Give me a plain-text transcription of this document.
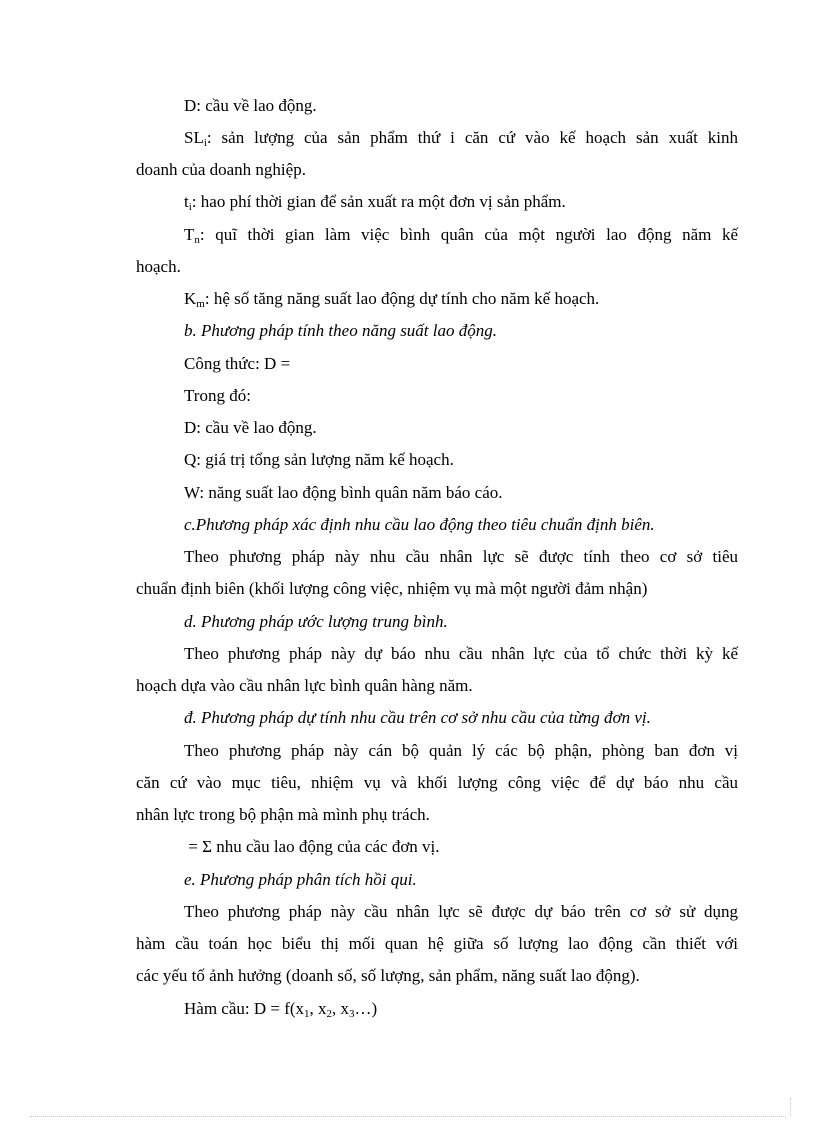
D: cầu về lao động.
$SL_i$: sản lượng của sản phẩm thứ i căn cứ vào kế hoạch sản xuất kinh
doanh của doanh nghiệp.
$t_i$: hao phí thời gian để sản xuất ra một đơn vị sản phẩm.
$T_n$: quĩ thời gian làm việc bình quân của một người lao động năm kế
hoạch.
$K_m$: hệ số tăng năng suất lao động dự tính cho năm kế hoạch.
b. Phương pháp tính theo năng suất lao động.
Công thức: D =
Trong đó:
D: cầu về lao động.
Q: giá trị tổng sản lượng năm kế hoạch.
W: năng suất lao động bình quân năm báo cáo.
c.Phương pháp xác định nhu cầu lao động theo tiêu chuẩn định biên.
Theo phương pháp này nhu cầu nhân lực sẽ được tính theo cơ sở tiêu
chuẩn định biên (khối lượng công việc, nhiệm vụ mà một người đảm nhận)
d. Phương pháp ước lượng trung bình.
Theo phương pháp này dự báo nhu cầu nhân lực của tổ chức thời kỳ kế
hoạch dựa vào cầu nhân lực bình quân hàng năm.
đ. Phương pháp dự tính nhu cầu trên cơ sở nhu cầu của từng đơn vị.
Theo phương pháp này cán bộ quản lý các bộ phận, phòng ban đơn vị
căn cứ vào mục tiêu, nhiệm vụ và khối lượng công việc để dự báo nhu cầu
nhân lực trong bộ phận mà mình phụ trách.
= Σ nhu cầu lao động của các đơn vị.
e. Phương pháp phân tích hồi qui.
Theo phương pháp này cầu nhân lực sẽ được dự báo trên cơ sở sử dụng
hàm cầu toán học biểu thị mối quan hệ giữa số lượng lao động cần thiết với
các yếu tố ảnh hưởng (doanh số, số lượng, sản phẩm, năng suất lao động).
Hàm cầu: $D = f(x_1$, $x_2$, $x_3\dots$)
